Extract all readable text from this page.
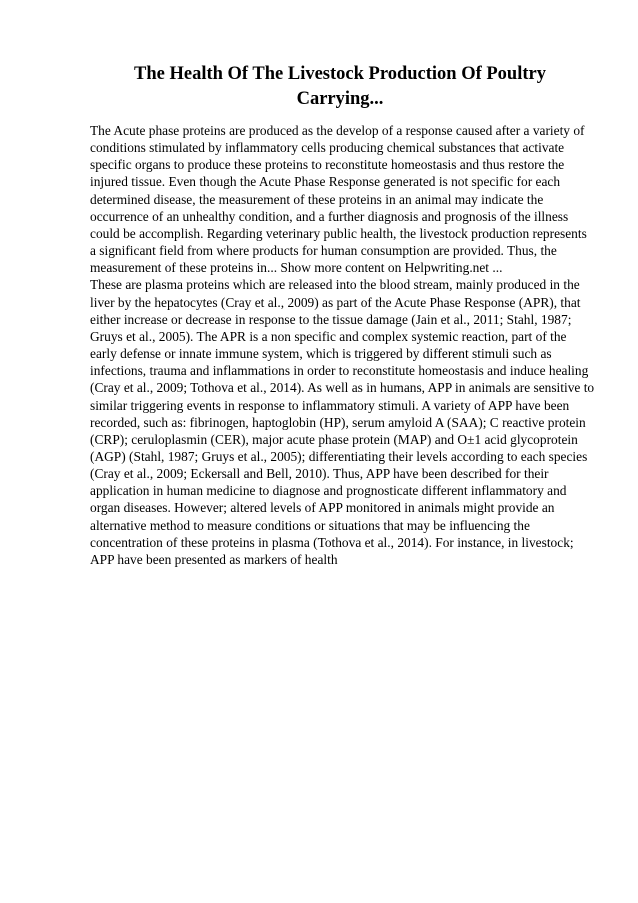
The Health Of The Livestock Production Of Poultry Carrying...

The Acute phase proteins are produced as the develop of a response caused after a variety of conditions stimulated by inflammatory cells producing chemical substances that activate specific organs to produce these proteins to reconstitute homeostasis and thus restore the injured tissue. Even though the Acute Phase Response generated is not specific for each determined disease, the measurement of these proteins in an animal may indicate the occurrence of an unhealthy condition, and a further diagnosis and prognosis of the illness could be accomplish. Regarding veterinary public health, the livestock production represents a significant field from where products for human consumption are provided. Thus, the measurement of these proteins in... Show more content on Helpwriting.net ...

These are plasma proteins which are released into the blood stream, mainly produced in the liver by the hepatocytes (Cray et al., 2009) as part of the Acute Phase Response (APR), that either increase or decrease in response to the tissue damage (Jain et al., 2011; Stahl, 1987; Gruys et al., 2005). The APR is a non specific and complex systemic reaction, part of the early defense or innate immune system, which is triggered by different stimuli such as infections, trauma and inflammations in order to reconstitute homeostasis and induce healing (Cray et al., 2009; Tothova et al., 2014). As well as in humans, APP in animals are sensitive to similar triggering events in response to inflammatory stimuli. A variety of APP have been recorded, such as: fibrinogen, haptoglobin (HP), serum amyloid A (SAA); C reactive protein (CRP); ceruloplasmin (CER), major acute phase protein (MAP) and O±1 acid glycoprotein (AGP) (Stahl, 1987; Gruys et al., 2005); differentiating their levels according to each species (Cray et al., 2009; Eckersall and Bell, 2010). Thus, APP have been described for their application in human medicine to diagnose and prognosticate different inflammatory and organ diseases. However; altered levels of APP monitored in animals might provide an alternative method to measure conditions or situations that may be influencing the concentration of these proteins in plasma (Tothova et al., 2014). For instance, in livestock; APP have been presented as markers of health
